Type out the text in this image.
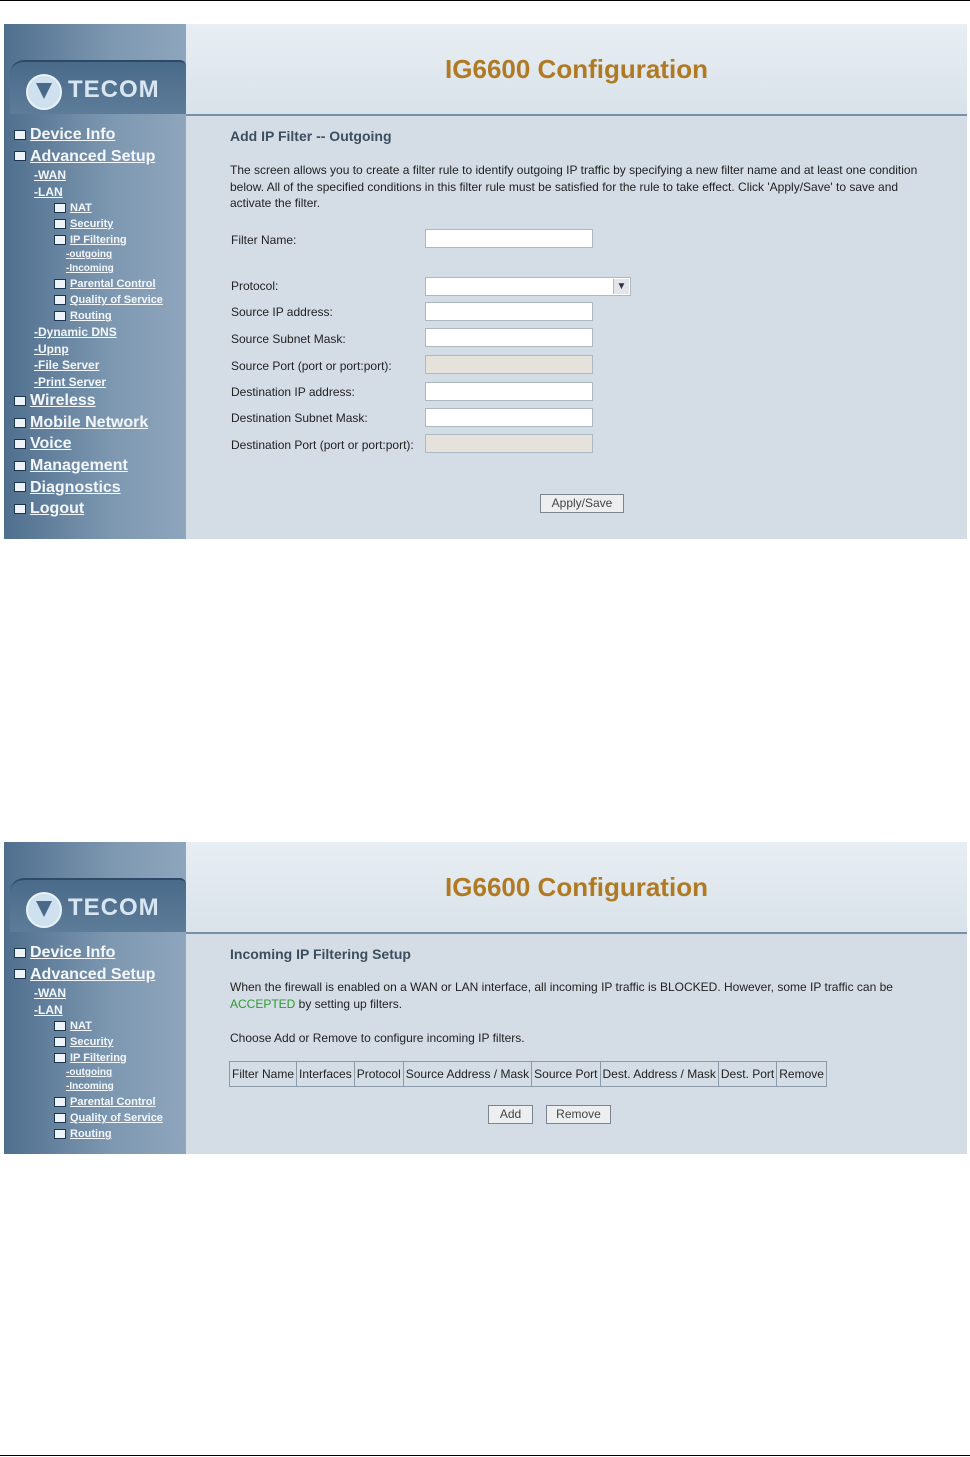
TECOM
Device Info
Advanced Setup
-WAN
-LAN
NAT
Security
IP Filtering
-outgoing
-Incoming
Parental Control
Quality of Service
Routing
-Dynamic DNS
-Upnp
-File Server
-Print Server
Wireless
Mobile Network
Voice
Management
Diagnostics
Logout
IG6600 Configuration
Add IP Filter -- Outgoing
The screen allows you to create a filter rule to identify outgoing IP traffic by specifying a new filter name and at least one condition below. All of the specified conditions in this filter rule must be satisfied for the rule to take effect. Click 'Apply/Save' to save and activate the filter.
Filter Name:
Protocol:	▼
Source IP address:
Source Subnet Mask:
Source Port (port or port:port):
Destination IP address:
Destination Subnet Mask:
Destination Port (port or port:port):
Apply/Save
TECOM
Device Info
Advanced Setup
-WAN
-LAN
NAT
Security
IP Filtering
-outgoing
-Incoming
Parental Control
Quality of Service
Routing
IG6600 Configuration
Incoming IP Filtering Setup
When the firewall is enabled on a WAN or LAN interface, all incoming IP traffic is BLOCKED. However, some IP traffic can be ACCEPTED by setting up filters.
Choose Add or Remove to configure incoming IP filters.
Filter Name	Interfaces	Protocol	Source Address / Mask	Source Port	Dest. Address / Mask	Dest. Port	Remove
Add	Remove
